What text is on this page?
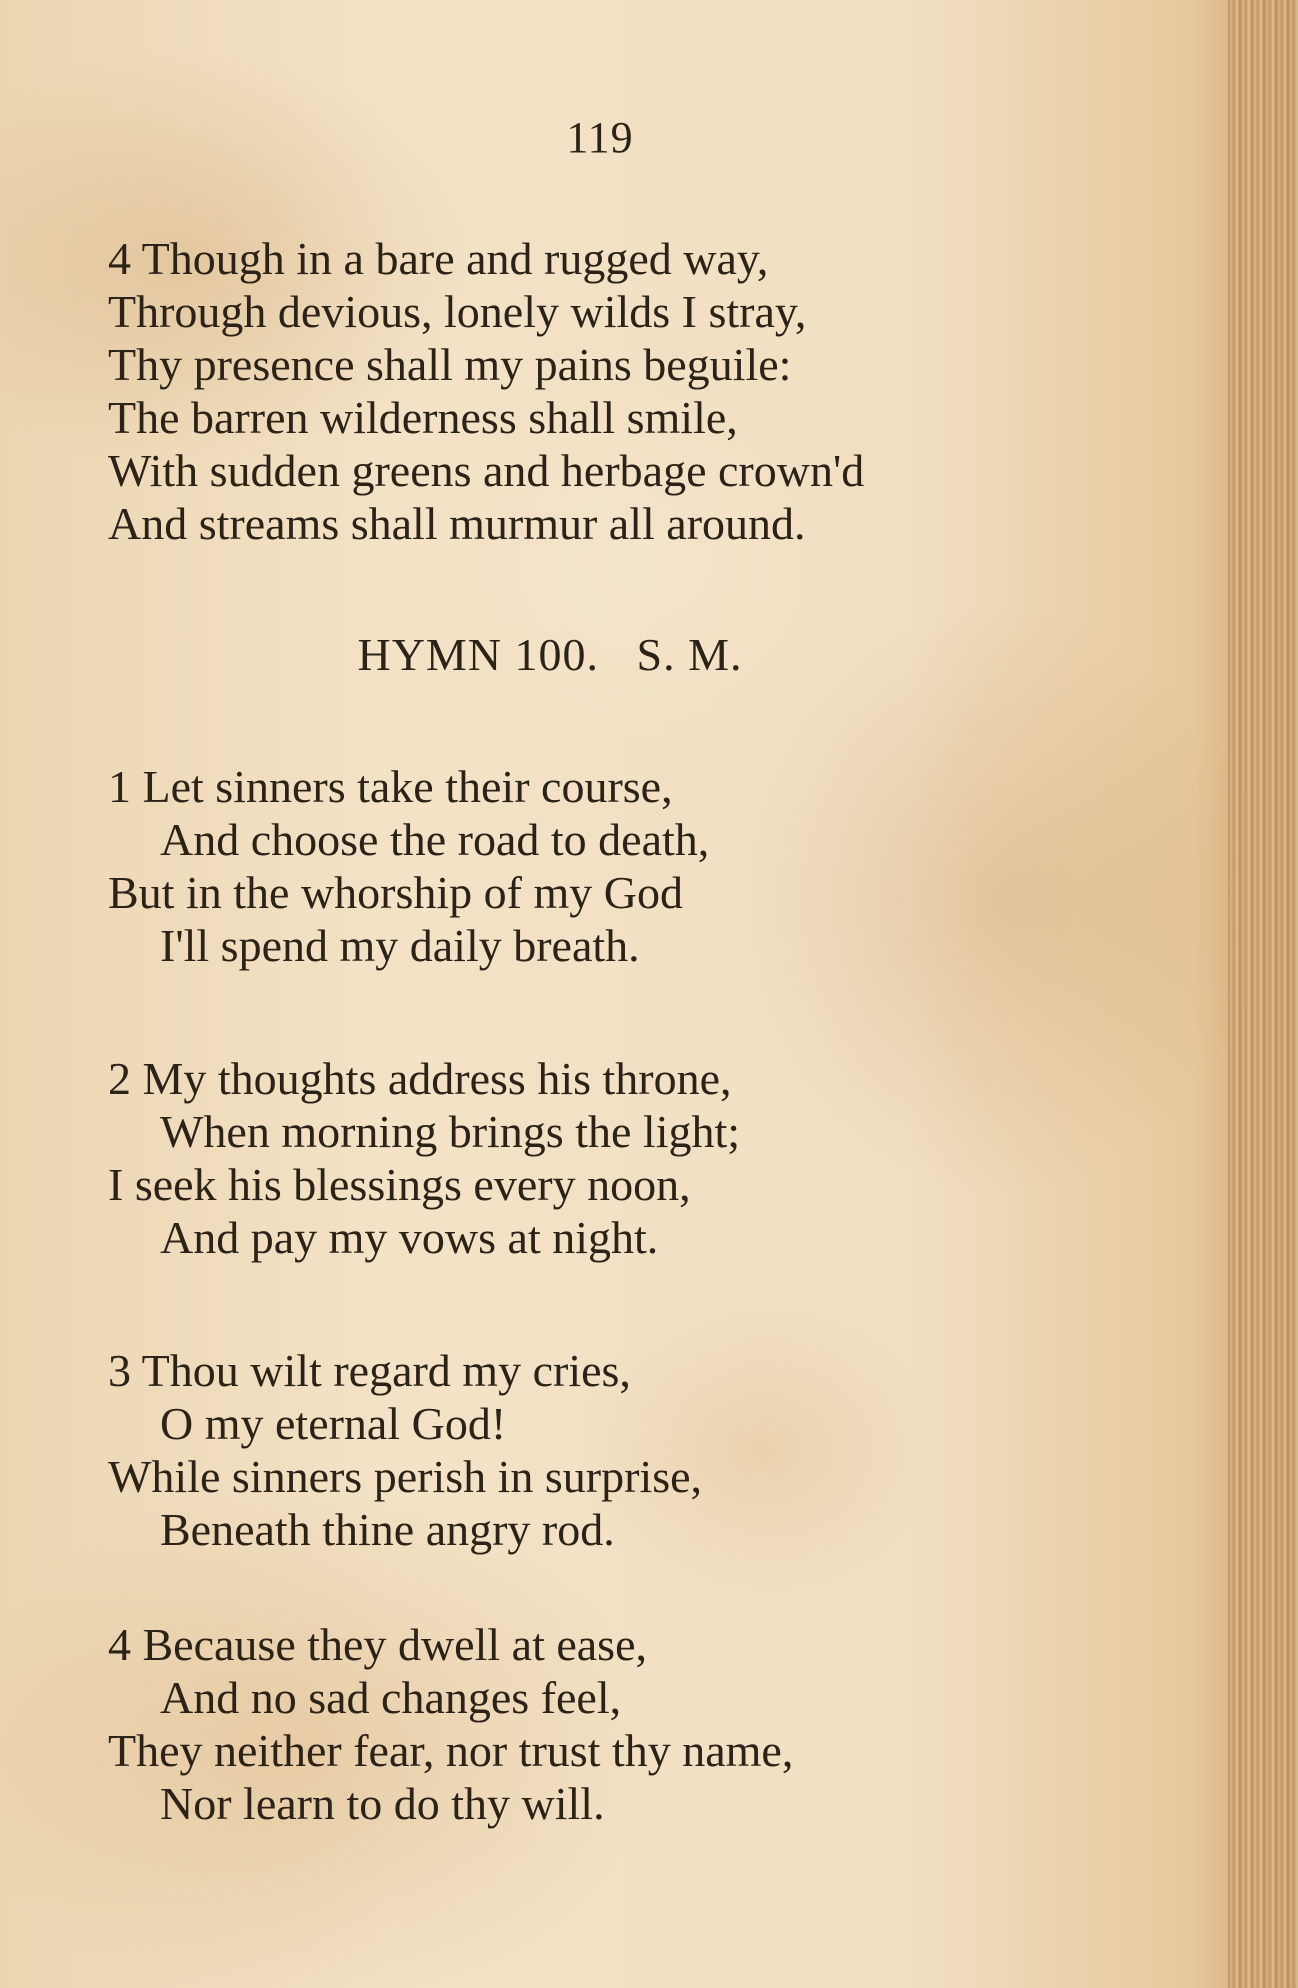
119
4 Though in a bare and rugged way,
Through devious, lonely wilds I stray,
Thy presence shall my pains beguile:
The barren wilderness shall smile,
With sudden greens and herbage crown'd
And streams shall murmur all around.
HYMN 100.   S. M.
1 Let sinners take their course,
And choose the road to death,
But in the whorship of my God
I'll spend my daily breath.
2 My thoughts address his throne,
When morning brings the light;
I seek his blessings every noon,
And pay my vows at night.
3 Thou wilt regard my cries,
O my eternal God!
While sinners perish in surprise,
Beneath thine angry rod.
4 Because they dwell at ease,
And no sad changes feel,
They neither fear, nor trust thy name,
Nor learn to do thy will.
